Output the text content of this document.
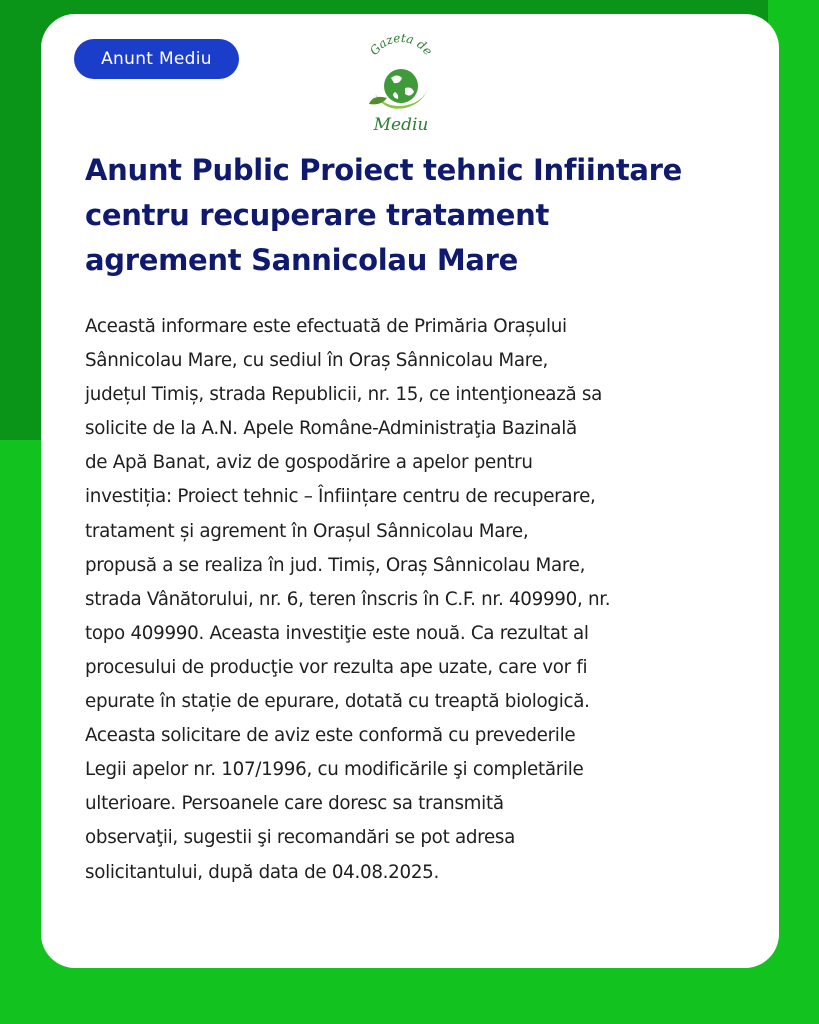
Anunt Mediu	Gazeta de
Mediu
Anunt Public Proiect tehnic Infiintare
centru recuperare tratament
agrement Sannicolau Mare
Această informare este efectuată de Primăria Orașului
Sânnicolau Mare, cu sediul în Oraș Sânnicolau Mare,
județul Timiș, strada Republicii, nr. 15, ce intenţionează sa
solicite de la A.N. Apele Române-Administraţia Bazinală
de Apă Banat, aviz de gospodărire a apelor pentru
investiția: Proiect tehnic – Înființare centru de recuperare,
tratament și agrement în Orașul Sânnicolau Mare,
propusă a se realiza în jud. Timiș, Oraș Sânnicolau Mare,
strada Vânătorului, nr. 6, teren înscris în C.F. nr. 409990, nr.
topo 409990. Aceasta investiţie este nouă. Ca rezultat al
procesului de producţie vor rezulta ape uzate, care vor fi
epurate în stație de epurare, dotată cu treaptă biologică.
Aceasta solicitare de aviz este conformă cu prevederile
Legii apelor nr. 107/1996, cu modificările şi completările
ulterioare. Persoanele care doresc sa transmită
observaţii, sugestii şi recomandări se pot adresa
solicitantului, după data de 04.08.2025.
